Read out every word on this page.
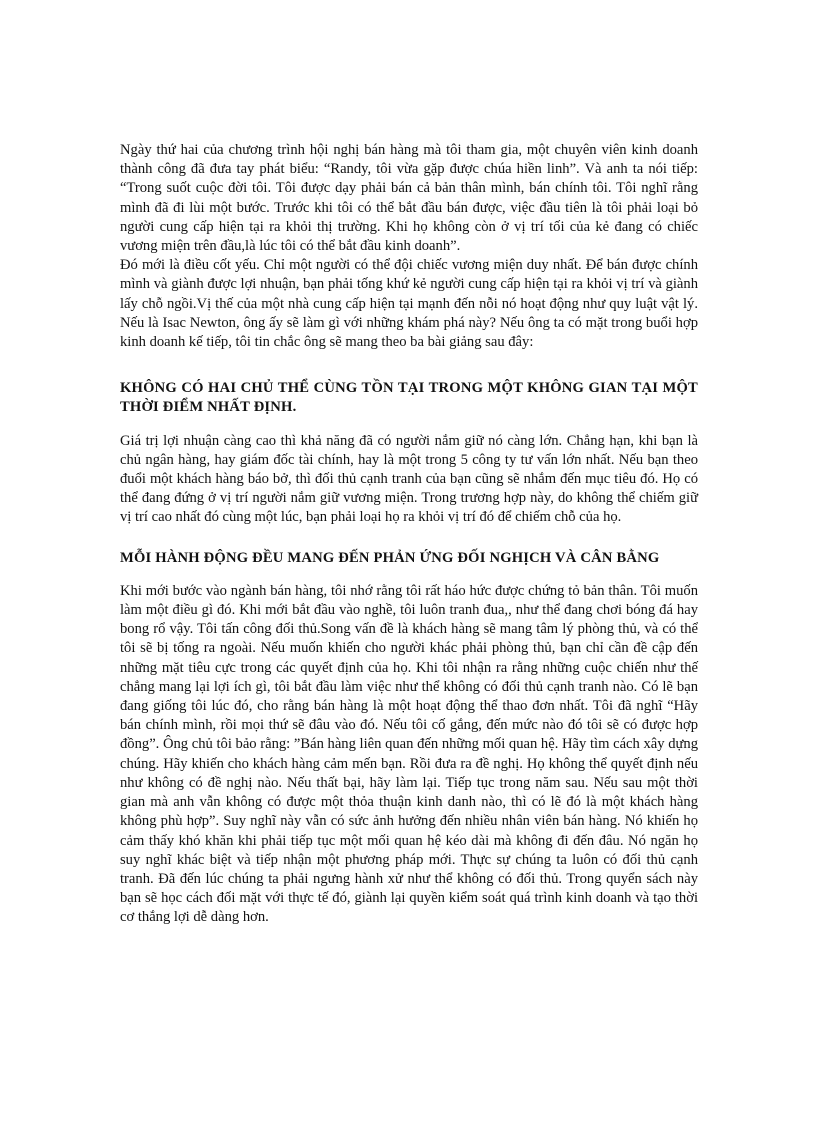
Ngày thứ hai của chương trình hội nghị bán hàng mà tôi tham gia, một chuyên viên kinh doanh thành công đã đưa tay phát biểu: “Randy, tôi vừa gặp được chúa hiền linh”. Và anh ta nói tiếp: “Trong suốt cuộc đời tôi. Tôi được dạy phải bán cả bản thân mình, bán chính tôi. Tôi nghĩ rằng mình đã đi lùi một bước. Trước khi tôi có thể bắt đầu bán được, việc đầu tiên là tôi phải loại bỏ người cung cấp hiện tại ra khỏi thị trường. Khi họ không còn ở vị trí tối của kẻ đang có chiếc vương miện trên đầu,là lúc tôi có thể bắt đầu kinh doanh”.

Đó mới là điều cốt yếu. Chỉ một người có thể đội chiếc vương miện duy nhất. Để bán được chính mình và giành được lợi nhuận, bạn phải tống khứ kẻ người cung cấp hiện tại ra khỏi vị trí và giành lấy chỗ ngồi.Vị thế của một nhà cung cấp hiện tại mạnh đến nỗi nó hoạt động như quy luật vật lý. Nếu là Isac Newton, ông ấy sẽ làm gì với những khám phá này? Nếu ông ta có mặt trong buổi hợp kinh doanh kế tiếp, tôi tin chắc ông sẽ mang theo ba bài giảng sau đây:

KHÔNG CÓ HAI CHỦ THỂ CÙNG TỒN TẠI TRONG MỘT KHÔNG GIAN TẠI MỘT THỜI ĐIỂM NHẤT ĐỊNH.

Giá trị lợi nhuận càng cao thì khả năng đã có người nắm giữ nó càng lớn. Chẳng hạn, khi bạn là chủ ngân hàng, hay giám đốc tài chính, hay là một trong 5 công ty tư vấn lớn nhất. Nếu bạn theo đuổi một khách hàng báo bở, thì đối thủ cạnh tranh của bạn cũng sẽ nhắm đến mục tiêu đó. Họ có thể đang đứng ở vị trí người nắm giữ vương miện. Trong trương hợp này, do không thể chiếm giữ vị trí cao nhất đó cùng một lúc, bạn phải loại họ ra khỏi vị trí đó để chiếm chỗ của họ.

MỖI HÀNH ĐỘNG ĐỀU MANG ĐẾN PHẢN ỨNG ĐỐI NGHỊCH VÀ CÂN BẰNG

Khi mới bước vào ngành bán hàng, tôi nhớ rằng tôi rất háo hức được chứng tỏ bản thân. Tôi muốn làm một điều gì đó. Khi mới bắt đầu vào nghề, tôi luôn tranh đua,, như thể đang chơi bóng đá hay bong rổ vậy. Tôi tấn công đối thủ.Song vấn đề là khách hàng sẽ mang tâm lý phòng thủ, và có thể tôi sẽ bị tống ra ngoài. Nếu muốn khiến cho người khác phải phòng thủ, bạn chỉ cần đề cập đến những mặt tiêu cực trong các quyết định của họ. Khi tôi nhận ra rằng những cuộc chiến như thế chẳng mang lại lợi ích gì, tôi bắt đầu làm việc như thể không có đối thủ cạnh tranh nào. Có lẽ bạn đang giống tôi lúc đó, cho rằng bán hàng là một hoạt động thể thao đơn nhất. Tôi đã nghĩ “Hãy bán chính mình, rồi mọi thứ sẽ đâu vào đó. Nếu tôi cố gắng, đến mức nào đó tôi sẽ có được hợp đồng”. Ông chủ tôi bảo rằng: ”Bán hàng liên quan đến những mối quan hệ. Hãy tìm cách xây dựng chúng. Hãy khiến cho khách hàng cảm mến bạn. Rồi đưa ra đề nghị. Họ không thể quyết định nếu như không có đề nghị nào. Nếu thất bại, hãy làm lại. Tiếp tục trong năm sau. Nếu sau một thời gian mà anh vẫn không có được một thỏa thuận kinh danh nào, thì có lẽ đó là một khách hàng không phù hợp”. Suy nghĩ này vẫn có sức ảnh hưởng đến nhiều nhân viên bán hàng. Nó khiến họ cảm thấy khó khăn khi phải tiếp tục một mối quan hệ kéo dài mà không đi đến đâu. Nó ngăn họ suy nghĩ khác biệt và tiếp nhận một phương pháp mới. Thực sự chúng ta luôn có đối thủ cạnh tranh. Đã đến lúc chúng ta phải ngưng hành xử như thể không có đối thủ. Trong quyển sách này bạn sẽ học cách đối mặt với thực tế đó, giành lại quyền kiểm soát quá trình kinh doanh và tạo thời cơ thắng lợi dễ dàng hơn.
